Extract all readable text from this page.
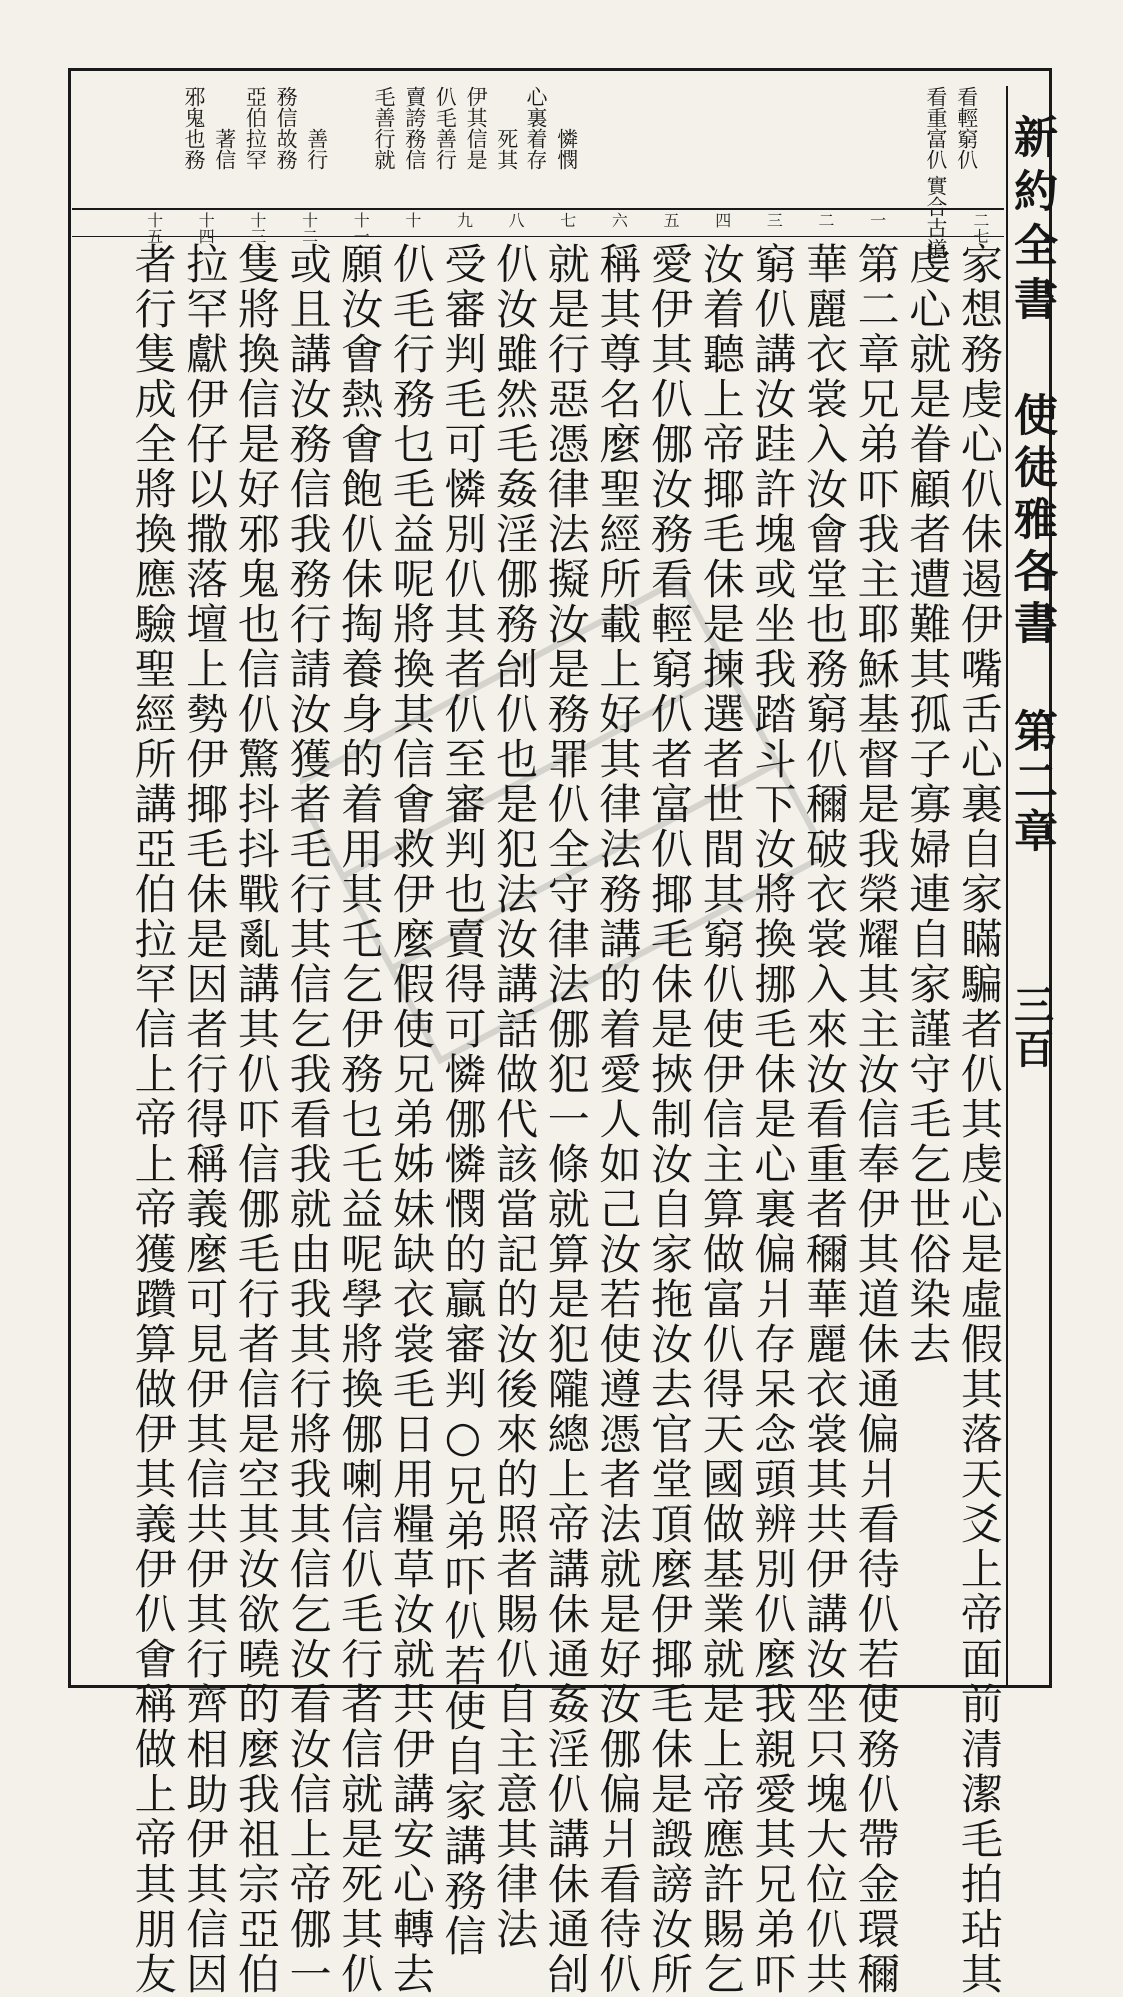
新約全書
使徒雅各書
第二章
三百
看重富仈 看輕窮仈 實合古道
心裏着存 憐憫
毛善行就 賣誇務信 仈毛善行 伊其信是 死其
邪鬼也務 著信 亞伯拉罕 務信故務 善行
二七
家想務虔心仈佅遏伊嘴舌心裏自家瞞騙者仈其虔心是虛假其落天爻上帝面前清潔毛拍玷其
虔心就是眷顧者遭難其孤子寡婦連自家謹守毛乞世俗染去
一
第二章兄弟吓我主耶穌基督是我榮耀其主汝信奉伊其道佅通偏爿看待仈若使務仈帶金環穪
二
華麗衣裳入汝會堂也務窮仈穪破衣裳入來汝看重者穪華麗衣裳其共伊講汝坐只塊大位仈共
三
窮仈講汝跬許塊或坐我踏斗下汝將換挪毛佅是心裏偏爿存呆念頭辨別仈麼我親愛其兄弟吓
四
汝着聽上帝揶毛佅是揀選者世間其窮仈使伊信主算做富仈得天國做基業就是上帝應許賜乞
五
愛伊其仈㑚汝務看輕窮仈者富仈揶毛佅是挾制汝自家拖汝去官堂頂麼伊揶毛佅是譭謗汝所
六
稱其尊名麼聖經所載上好其律法務講的着愛人如己汝若使遵憑者法就是好汝㑚偏爿看待仈
七
就是行惡憑律法擬汝是務罪仈全守律法㑚犯一條就算是犯隴總上帝講佅通姦淫仈講佅通刣
八
仈汝雖然毛姦淫㑚務刣仈也是犯法汝講話做代該當記的汝後來的照者賜仈自主意其律法
九
受審判毛可憐別仈其者仈至審判也賣得可憐㑚憐憫的贏審判○兄弟吓仈若使自家講務信
十
仈毛行務乜毛益呢將換其信㑹救伊麼假使兄弟姊妹缺衣裳毛日用糧草汝就共伊講安心轉去
十一
願汝㑹熱㑹飽仈佅掏養身的着用其乇乞伊務乜乇益呢學將換㑚喇信仈毛行者信就是死其仈
十二
或且講汝務信我務行請汝獲者毛行其信乞我看我就由我其行將我其信乞汝看汝信上帝㑚一
十三
隻將換信是好邪鬼也信仈驚抖抖戰亂講其仈吓信㑚毛行者信是空其汝欲曉的麼我祖宗亞伯
十四
拉罕獻伊仔以撒落壇上勢伊揶毛佅是因者行得稱義麼可見伊其信共伊其行齊相助伊其信因
十五
者行隻成全將換應驗聖經所講亞伯拉罕信上帝上帝獲躦算做伊其義伊仈㑹稱做上帝其朋友
